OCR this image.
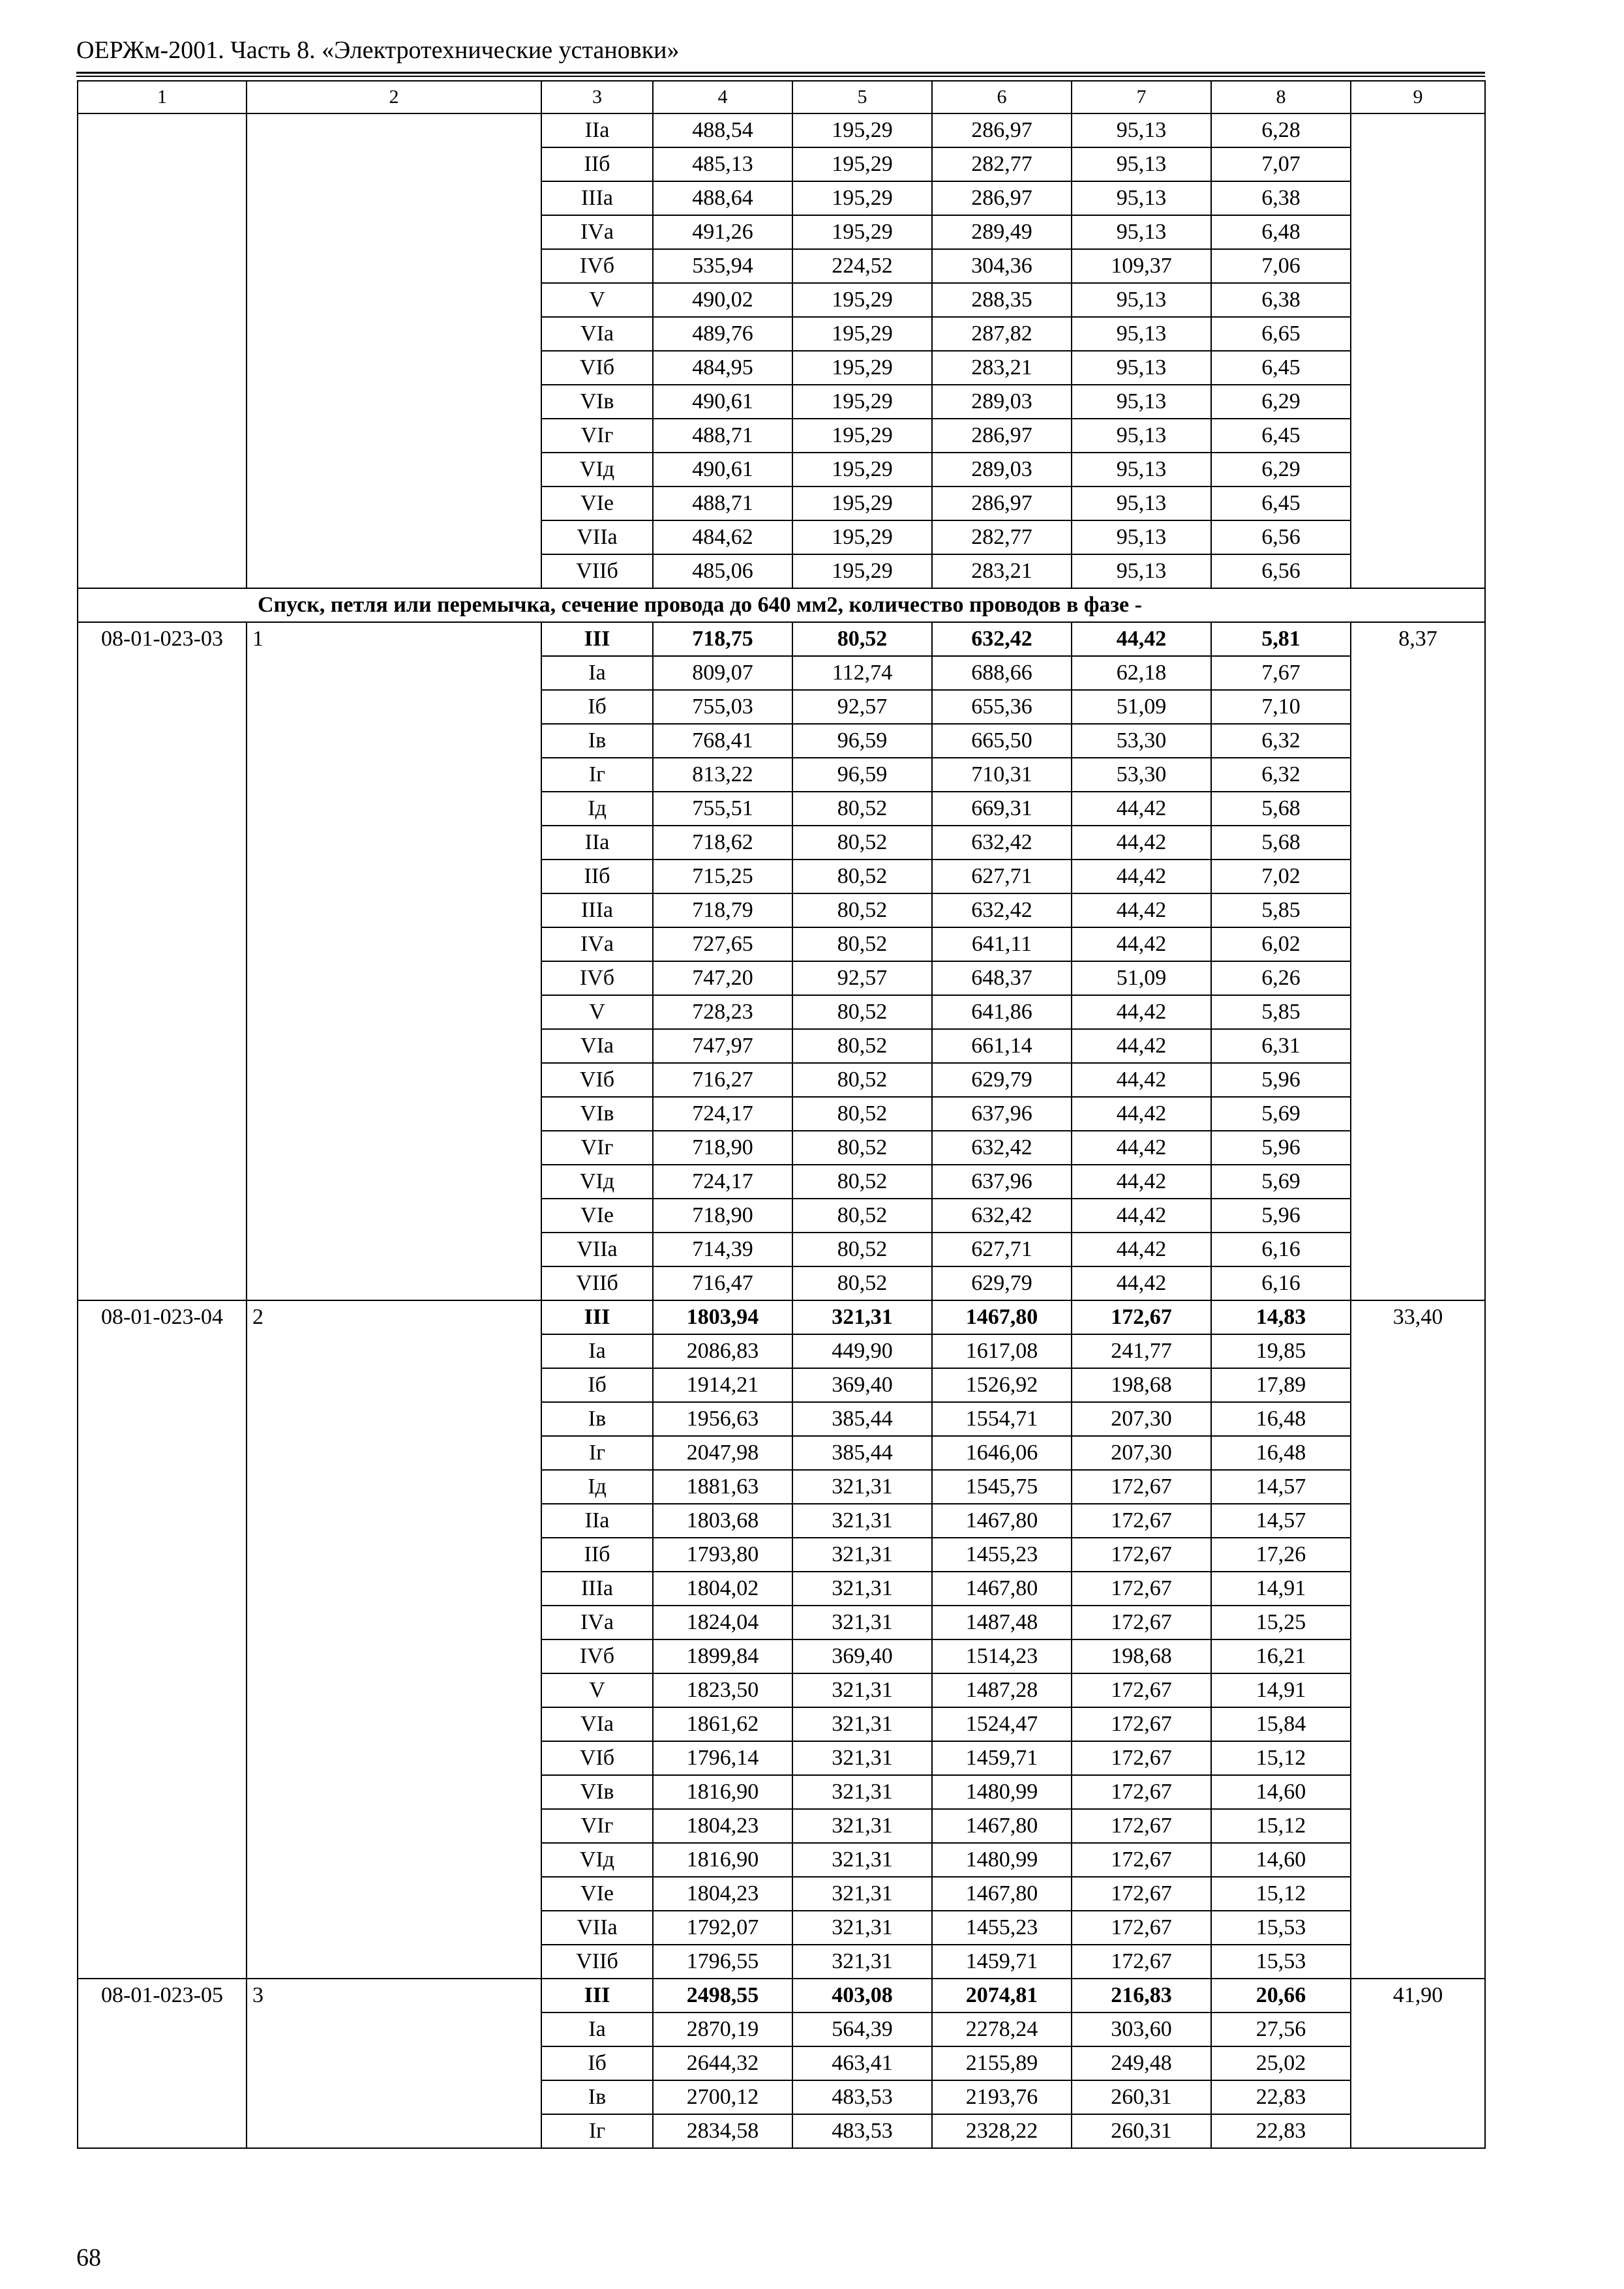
ОЕРЖм-2001. Часть 8. «Электротехнические установки»
1	2	3	4	5	6	7	8	9
		IIа	488,54	195,29	286,97	95,13	6,28	
		IIб	485,13	195,29	282,77	95,13	7,07	
		IIIа	488,64	195,29	286,97	95,13	6,38	
		IVа	491,26	195,29	289,49	95,13	6,48	
		IVб	535,94	224,52	304,36	109,37	7,06	
		V	490,02	195,29	288,35	95,13	6,38	
		VIа	489,76	195,29	287,82	95,13	6,65	
		VIб	484,95	195,29	283,21	95,13	6,45	
		VIв	490,61	195,29	289,03	95,13	6,29	
		VIг	488,71	195,29	286,97	95,13	6,45	
		VIд	490,61	195,29	289,03	95,13	6,29	
		VIе	488,71	195,29	286,97	95,13	6,45	
		VIIа	484,62	195,29	282,77	95,13	6,56	
		VIIб	485,06	195,29	283,21	95,13	6,56	
Спуск, петля или перемычка, сечение провода до 640 мм2, количество проводов в фазе -								
08-01-023-03	1	III	718,75	80,52	632,42	44,42	5,81	8,37
		Iа	809,07	112,74	688,66	62,18	7,67	
		Iб	755,03	92,57	655,36	51,09	7,10	
		Iв	768,41	96,59	665,50	53,30	6,32	
		Iг	813,22	96,59	710,31	53,30	6,32	
		Iд	755,51	80,52	669,31	44,42	5,68	
		IIа	718,62	80,52	632,42	44,42	5,68	
		IIб	715,25	80,52	627,71	44,42	7,02	
		IIIа	718,79	80,52	632,42	44,42	5,85	
		IVа	727,65	80,52	641,11	44,42	6,02	
		IVб	747,20	92,57	648,37	51,09	6,26	
		V	728,23	80,52	641,86	44,42	5,85	
		VIа	747,97	80,52	661,14	44,42	6,31	
		VIб	716,27	80,52	629,79	44,42	5,96	
		VIв	724,17	80,52	637,96	44,42	5,69	
		VIг	718,90	80,52	632,42	44,42	5,96	
		VIд	724,17	80,52	637,96	44,42	5,69	
		VIе	718,90	80,52	632,42	44,42	5,96	
		VIIа	714,39	80,52	627,71	44,42	6,16	
		VIIб	716,47	80,52	629,79	44,42	6,16	
08-01-023-04	2	III	1803,94	321,31	1467,80	172,67	14,83	33,40
		Iа	2086,83	449,90	1617,08	241,77	19,85	
		Iб	1914,21	369,40	1526,92	198,68	17,89	
		Iв	1956,63	385,44	1554,71	207,30	16,48	
		Iг	2047,98	385,44	1646,06	207,30	16,48	
		Iд	1881,63	321,31	1545,75	172,67	14,57	
		IIа	1803,68	321,31	1467,80	172,67	14,57	
		IIб	1793,80	321,31	1455,23	172,67	17,26	
		IIIа	1804,02	321,31	1467,80	172,67	14,91	
		IVа	1824,04	321,31	1487,48	172,67	15,25	
		IVб	1899,84	369,40	1514,23	198,68	16,21	
		V	1823,50	321,31	1487,28	172,67	14,91	
		VIа	1861,62	321,31	1524,47	172,67	15,84	
		VIб	1796,14	321,31	1459,71	172,67	15,12	
		VIв	1816,90	321,31	1480,99	172,67	14,60	
		VIг	1804,23	321,31	1467,80	172,67	15,12	
		VIд	1816,90	321,31	1480,99	172,67	14,60	
		VIе	1804,23	321,31	1467,80	172,67	15,12	
		VIIа	1792,07	321,31	1455,23	172,67	15,53	
		VIIб	1796,55	321,31	1459,71	172,67	15,53	
08-01-023-05	3	III	2498,55	403,08	2074,81	216,83	20,66	41,90
		Iа	2870,19	564,39	2278,24	303,60	27,56	
		Iб	2644,32	463,41	2155,89	249,48	25,02	
		Iв	2700,12	483,53	2193,76	260,31	22,83	
		Iг	2834,58	483,53	2328,22	260,31	22,83	
68
